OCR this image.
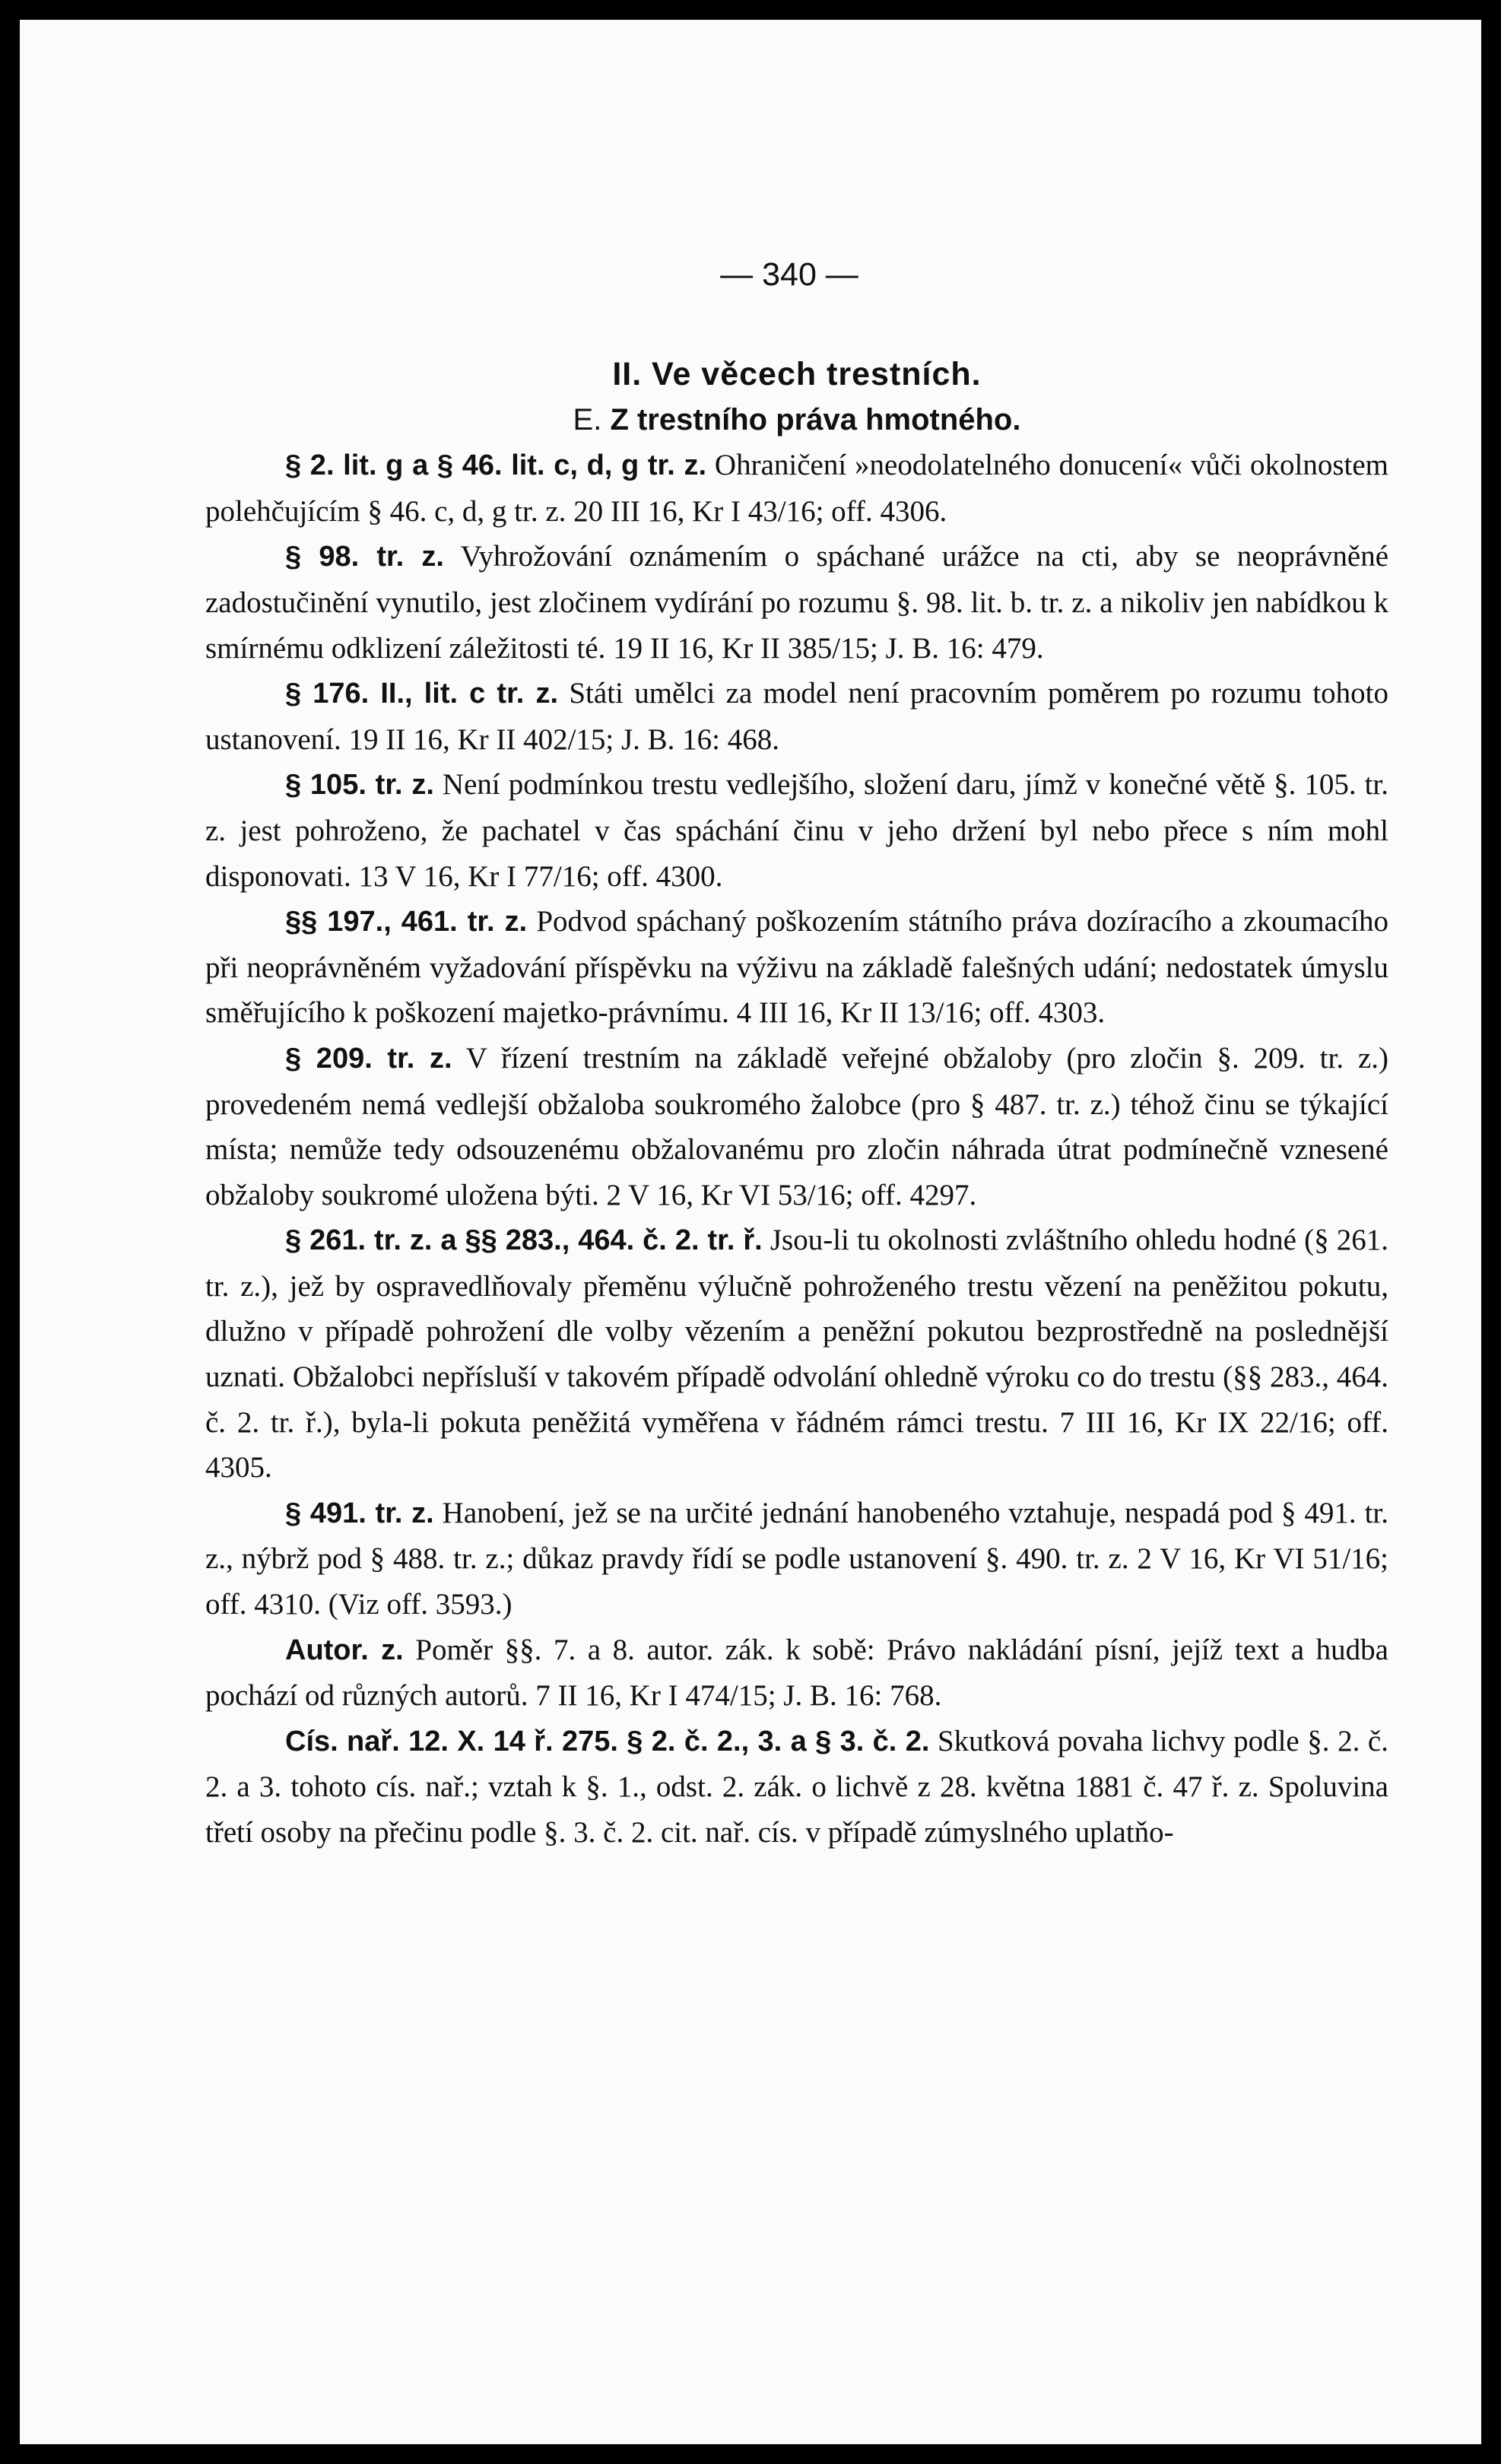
— 340 —
II. Ve věcech trestních.
E. Z trestního práva hmotného.

§ 2. lit. g a § 46. lit. c, d, g tr. z. Ohraničení »neodolatelného donucení« vůči okolnostem polehčujícím § 46. c, d, g tr. z. 20 III 16, Kr I 43/16; off. 4306.

§ 98. tr. z. Vyhrožování oznámením o spáchané urážce na cti, aby se neoprávněné zadostučinění vynutilo, jest zločinem vydírání po rozumu §. 98. lit. b. tr. z. a nikoliv jen nabídkou k smírnému odklizení záležitosti té. 19 II 16, Kr II 385/15; J. B. 16: 479.

§ 176. II., lit. c tr. z. Státi umělci za model není pracovním poměrem po rozumu tohoto ustanovení. 19 II 16, Kr II 402/15; J. B. 16: 468.

§ 105. tr. z. Není podmínkou trestu vedlejšího, složení daru, jímž v konečné větě §. 105. tr. z. jest pohroženo, že pachatel v čas spáchání činu v jeho držení byl nebo přece s ním mohl disponovati. 13 V 16, Kr I 77/16; off. 4300.

§§ 197., 461. tr. z. Podvod spáchaný poškozením státního práva dozíracího a zkoumacího při neoprávněném vyžadování příspěvku na výživu na základě falešných udání; nedostatek úmyslu směřujícího k poškození majetko-právnímu. 4 III 16, Kr II 13/16; off. 4303.

§ 209. tr. z. V řízení trestním na základě veřejné obžaloby (pro zločin §. 209. tr. z.) provedeném nemá vedlejší obžaloba soukromého žalobce (pro § 487. tr. z.) téhož činu se týkající místa; nemůže tedy odsouzenému obžalovanému pro zločin náhrada útrat podmínečně vznesené obžaloby soukromé uložena býti. 2 V 16, Kr VI 53/16; off. 4297.

§ 261. tr. z. a §§ 283., 464. č. 2. tr. ř. Jsou-li tu okolnosti zvláštního ohledu hodné (§ 261. tr. z.), jež by ospravedlňovaly přeměnu výlučně pohroženého trestu vězení na peněžitou pokutu, dlužno v případě pohrožení dle volby vězením a peněžní pokutou bezprostředně na poslednější uznati. Obžalobci nepřísluší v takovém případě odvolání ohledně výroku co do trestu (§§ 283., 464. č. 2. tr. ř.), byla-li pokuta peněžitá vyměřena v řádném rámci trestu. 7 III 16, Kr IX 22/16; off. 4305.

§ 491. tr. z. Hanobení, jež se na určité jednání hanobeného vztahuje, nespadá pod § 491. tr. z., nýbrž pod § 488. tr. z.; důkaz pravdy řídí se podle ustanovení §. 490. tr. z. 2 V 16, Kr VI 51/16; off. 4310. (Viz off. 3593.)

Autor. z. Poměr §§. 7. a 8. autor. zák. k sobě: Právo nakládání písní, jejíž text a hudba pochází od různých autorů. 7 II 16, Kr I 474/15; J. B. 16: 768.

Cís. nař. 12. X. 14 ř. 275. § 2. č. 2., 3. a § 3. č. 2. Skutková povaha lichvy podle §. 2. č. 2. a 3. tohoto cís. nař.; vztah k §. 1., odst. 2. zák. o lichvě z 28. května 1881 č. 47 ř. z. Spoluvina třetí osoby na přečinu podle §. 3. č. 2. cit. nař. cís. v případě zúmyslného uplatňo-
